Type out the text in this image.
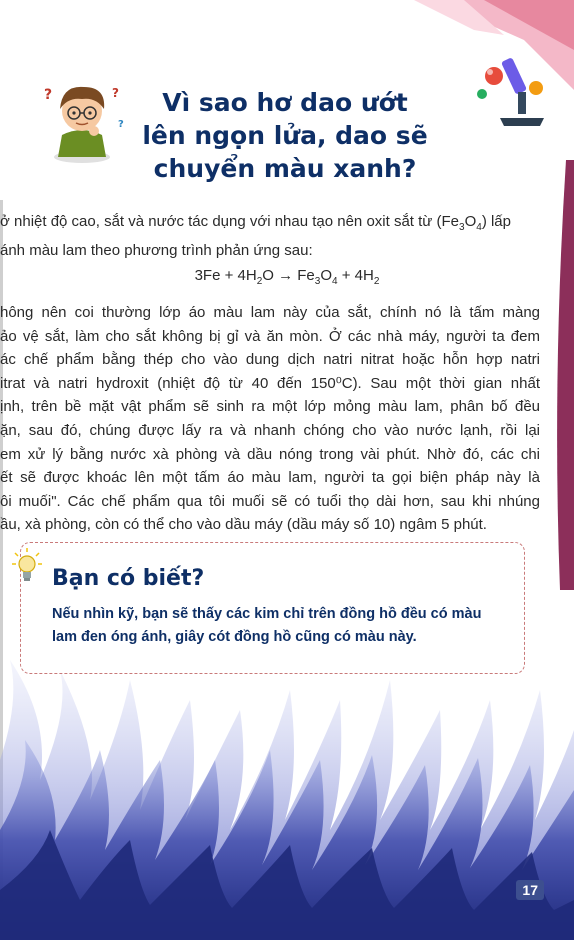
?	?
?
Vì sao hơ dao ướt
lên ngọn lửa, dao sẽ
chuyển màu xanh?

ở nhiệt độ cao, sắt và nước tác dụng với nhau tạo nên oxit sắt từ $(Fe_3O_4)$ lấp

ánh màu lam theo phương trình phản ứng sau:

$3Fe + 4H_2O \to Fe_3O_4 + 4H_2$
hông nên coi thường lớp áo màu lam này của sắt, chính nó là tấm màng
ảo vệ sắt, làm cho sắt không bị gỉ và ăn mòn. Ở các nhà máy, người ta đem
ác chế phẩm bằng thép cho vào dung dịch natri nitrat hoặc hỗn hợp natri
itrat và natri hydroxit (nhiệt độ từ 40 đến 150⁰C). Sau một thời gian nhất
ịnh, trên bề mặt vật phẩm sẽ sinh ra một lớp mỏng màu lam, phân bố đều
ặn, sau đó, chúng được lấy ra và nhanh chóng cho vào nước lạnh, rồi lại
em xử lý bằng nước xà phòng và dầu nóng trong vài phút. Nhờ đó, các chi
ết sẽ được khoác lên một tấm áo màu lam, người ta gọi biện pháp này là
ôi muối". Các chế phẩm qua tôi muối sẽ có tuổi thọ dài hơn, sau khi nhúng
ầu, xà phòng, còn có thể cho vào dầu máy (dầu máy số 10) ngâm 5 phút.
Bạn có biết?
Nếu nhìn kỹ, bạn sẽ thấy các kim chỉ trên đồng hồ đều có màu
lam đen óng ánh, giây cót đồng hồ cũng có màu này.
17
